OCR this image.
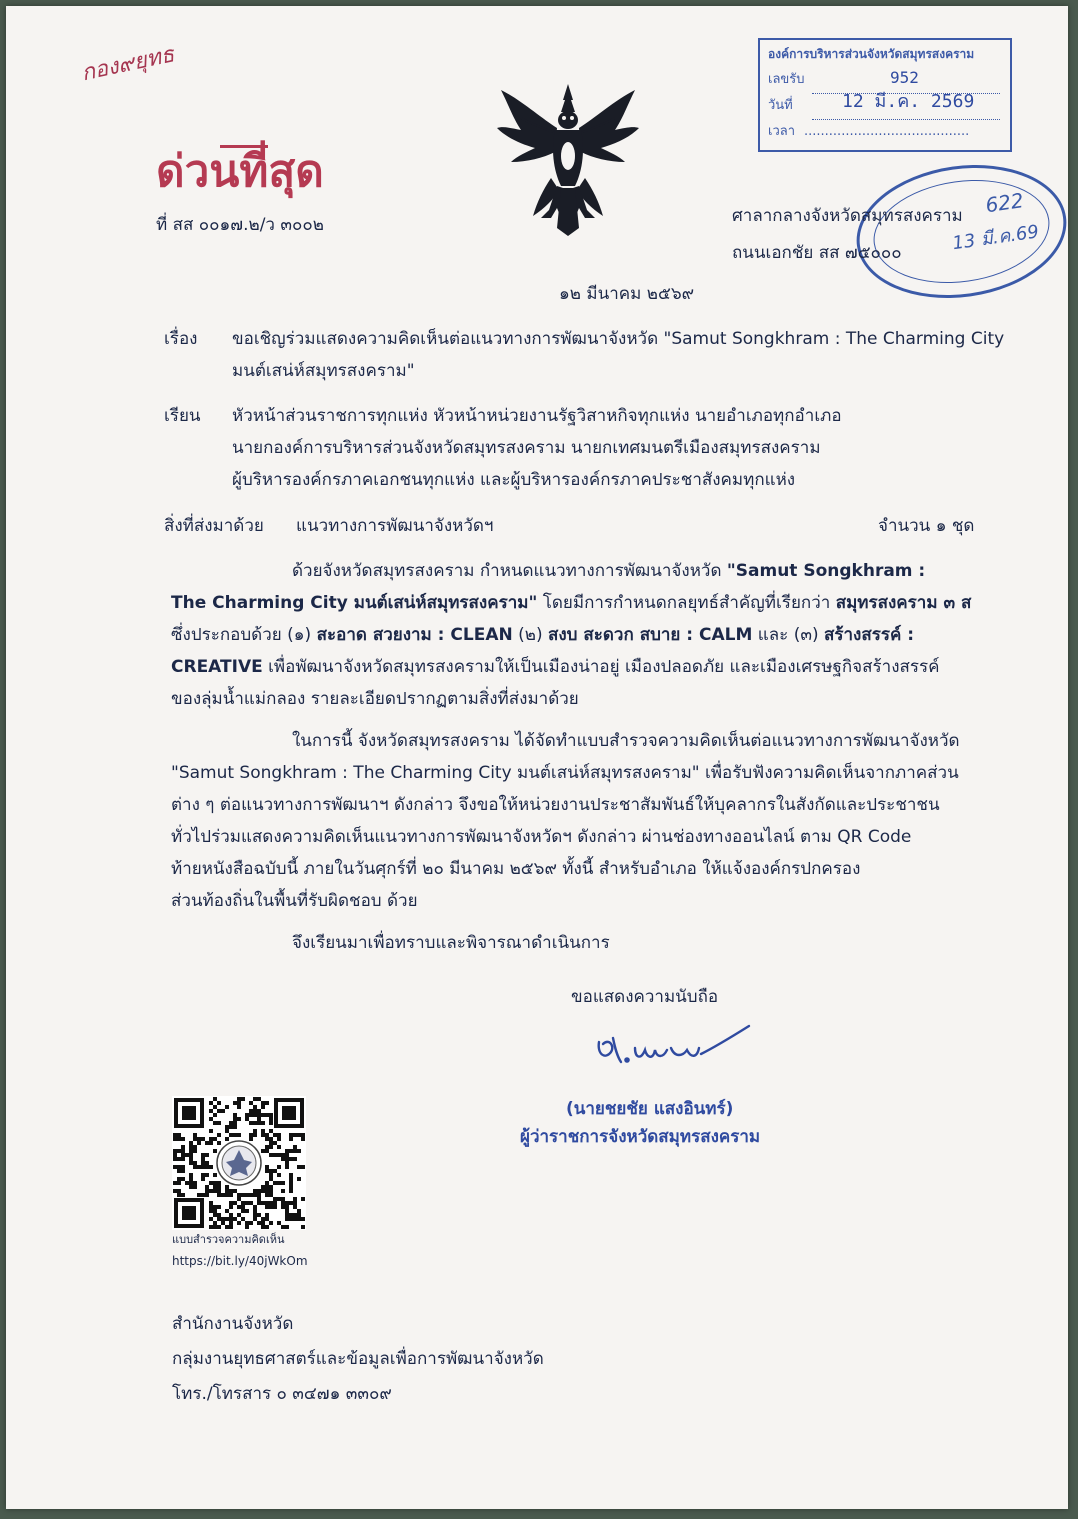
กอง๙ยุทธ
ด่วนที่สุด
ที่ สส ๐๐๑๗.๒/ว ๓๐๐๒
องค์การบริหารส่วนจังหวัดสมุทรสงคราม
เลขรับ	952
วันที่	12 มี.ค. 2569
เวลา ........................................
622
13 มี.ค.69
ศาลากลางจังหวัดสมุทรสงคราม
ถนนเอกชัย สส ๗๕๐๐๐
๑๒ มีนาคม ๒๕๖๙
เรื่อง ขอเชิญร่วมแสดงความคิดเห็นต่อแนวทางการพัฒนาจังหวัด "Samut Songkhram : The Charming City
มนต์เสน่ห์สมุทรสงคราม"
เรียน หัวหน้าส่วนราชการทุกแห่ง หัวหน้าหน่วยงานรัฐวิสาหกิจทุกแห่ง นายอำเภอทุกอำเภอ
นายกองค์การบริหารส่วนจังหวัดสมุทรสงคราม นายกเทศมนตรีเมืองสมุทรสงคราม
ผู้บริหารองค์กรภาคเอกชนทุกแห่ง และผู้บริหารองค์กรภาคประชาสังคมทุกแห่ง
สิ่งที่ส่งมาด้วย แนวทางการพัฒนาจังหวัดฯ	จำนวน ๑ ชุด
ด้วยจังหวัดสมุทรสงคราม กำหนดแนวทางการพัฒนาจังหวัด "Samut Songkhram :
The Charming City มนต์เสน่ห์สมุทรสงคราม" โดยมีการกำหนดกลยุทธ์สำคัญที่เรียกว่า สมุทรสงคราม ๓ ส
ซึ่งประกอบด้วย (๑) สะอาด สวยงาม : CLEAN (๒) สงบ สะดวก สบาย : CALM และ (๓) สร้างสรรค์ :
CREATIVE เพื่อพัฒนาจังหวัดสมุทรสงครามให้เป็นเมืองน่าอยู่ เมืองปลอดภัย และเมืองเศรษฐกิจสร้างสรรค์
ของลุ่มน้ำแม่กลอง รายละเอียดปรากฏตามสิ่งที่ส่งมาด้วย
ในการนี้ จังหวัดสมุทรสงคราม ได้จัดทำแบบสำรวจความคิดเห็นต่อแนวทางการพัฒนาจังหวัด
"Samut Songkhram : The Charming City มนต์เสน่ห์สมุทรสงคราม" เพื่อรับฟังความคิดเห็นจากภาคส่วน
ต่าง ๆ ต่อแนวทางการพัฒนาฯ ดังกล่าว จึงขอให้หน่วยงานประชาสัมพันธ์ให้บุคลากรในสังกัดและประชาชน
ทั่วไปร่วมแสดงความคิดเห็นแนวทางการพัฒนาจังหวัดฯ ดังกล่าว ผ่านช่องทางออนไลน์ ตาม QR Code
ท้ายหนังสือฉบับนี้ ภายในวันศุกร์ที่ ๒๐ มีนาคม ๒๕๖๙ ทั้งนี้ สำหรับอำเภอ ให้แจ้งองค์กรปกครอง
ส่วนท้องถิ่นในพื้นที่รับผิดชอบ ด้วย
จึงเรียนมาเพื่อทราบและพิจารณาดำเนินการ
ขอแสดงความนับถือ
(นายชยชัย แสงอินทร์)
ผู้ว่าราชการจังหวัดสมุทรสงคราม
แบบสำรวจความคิดเห็น
https://bit.ly/40jWkOm
สำนักงานจังหวัด
กลุ่มงานยุทธศาสตร์และข้อมูลเพื่อการพัฒนาจังหวัด
โทร./โทรสาร ๐ ๓๔๗๑ ๓๓๐๙
